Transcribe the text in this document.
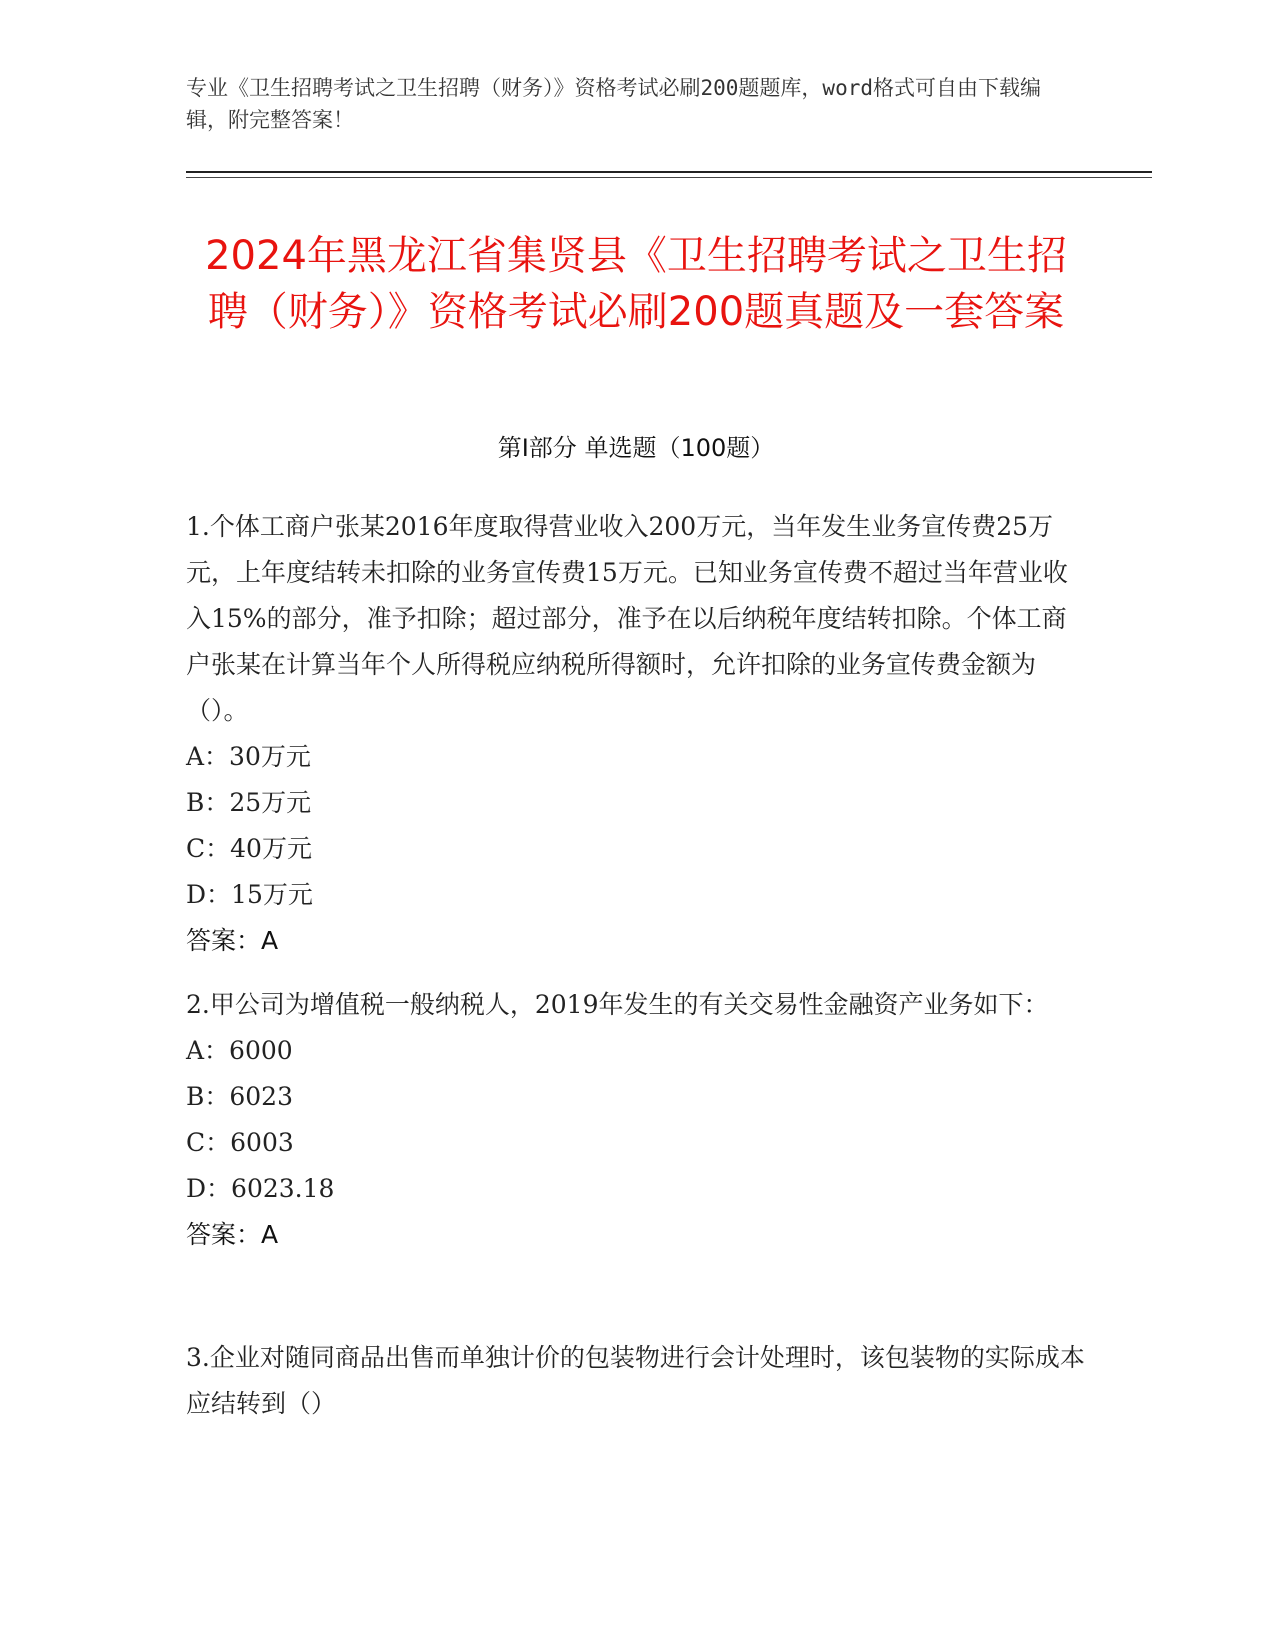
专业《卫生招聘考试之卫生招聘（财务）》资格考试必刷200题题库，word格式可自由下载编辑，附完整答案！
2024年黑龙江省集贤县《卫生招聘考试之卫生招聘（财务）》资格考试必刷200题真题及一套答案
第I部分 单选题（100题）

1.个体工商户张某2016年度取得营业收入200万元，当年发生业务宣传费25万元，上年度结转未扣除的业务宣传费15万元。已知业务宣传费不超过当年营业收入15%的部分，准予扣除；超过部分，准予在以后纳税年度结转扣除。个体工商户张某在计算当年个人所得税应纳税所得额时，允许扣除的业务宣传费金额为（）。

A：30万元

B：25万元

C：40万元

D：15万元

答案：A

2.甲公司为增值税一般纳税人，2019年发生的有关交易性金融资产业务如下：

A：6000

B：6023

C：6003

D：6023.18

答案：A

3.企业对随同商品出售而单独计价的包装物进行会计处理时，该包装物的实际成本应结转到（）
